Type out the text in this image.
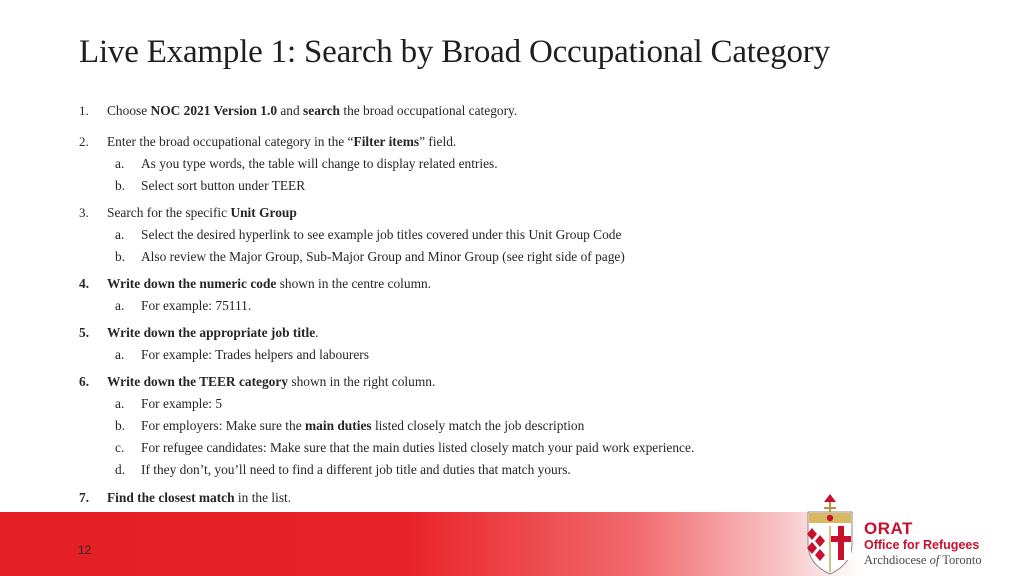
Live Example 1: Search by Broad Occupational Category
1. Choose NOC 2021 Version 1.0 and search the broad occupational category.
2. Enter the broad occupational category in the “Filter items” field.
a. As you type words, the table will change to display related entries.
b. Select sort button under TEER
3. Search for the specific Unit Group
a. Select the desired hyperlink to see example job titles covered under this Unit Group Code
b. Also review the Major Group, Sub-Major Group and Minor Group (see right side of page)
4. Write down the numeric code shown in the centre column.
a. For example: 75111.
5. Write down the appropriate job title.
a. For example: Trades helpers and labourers
6. Write down the TEER category shown in the right column.
a. For example: 5
b. For employers: Make sure the main duties listed closely match the job description
c. For refugee candidates: Make sure that the main duties listed closely match your paid work experience.
d. If they don’t, you’ll need to find a different job title and duties that match yours.
7. Find the closest match in the list.
12
ORAT
Office for Refugees
Archdiocese of Toronto
